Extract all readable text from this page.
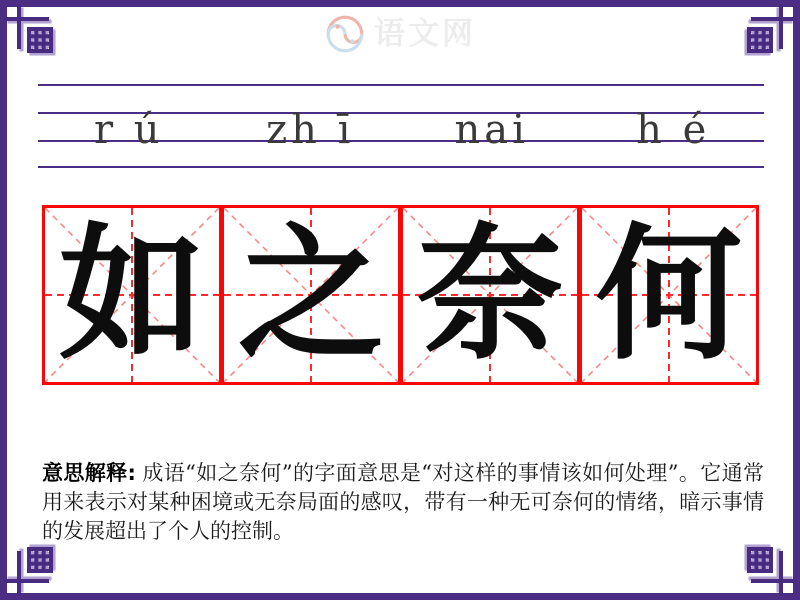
语文网
r ú	zh ī	nai	h é
如 之 奈 何

意思解释: 成语“如之奈何”的字面意思是“对这样的事情该如何处理”。它通常用来表示对某种困境或无奈局面的感叹，带有一种无可奈何的情绪，暗示事情的发展超出了个人的控制。
